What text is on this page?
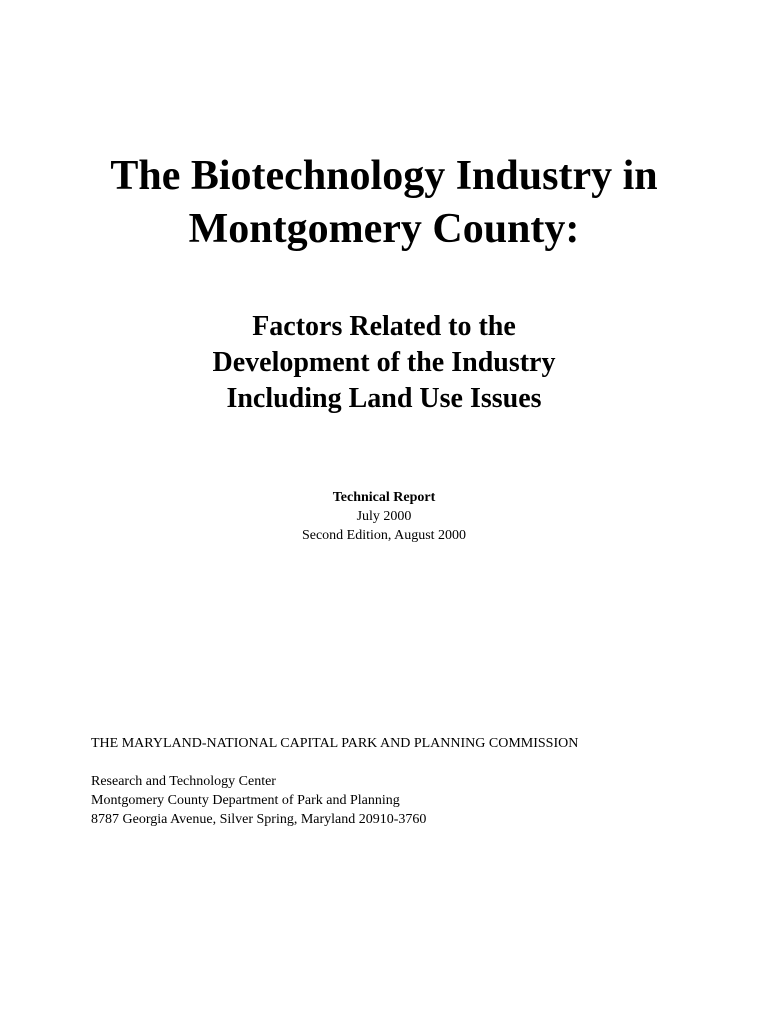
The Biotechnology Industry in
Montgomery County:
Factors Related to the
Development of the Industry
Including Land Use Issues
Technical Report
July 2000
Second Edition, August 2000
THE MARYLAND-NATIONAL CAPITAL PARK AND PLANNING COMMISSION
Research and Technology Center
Montgomery County Department of Park and Planning
8787 Georgia Avenue, Silver Spring, Maryland 20910-3760
